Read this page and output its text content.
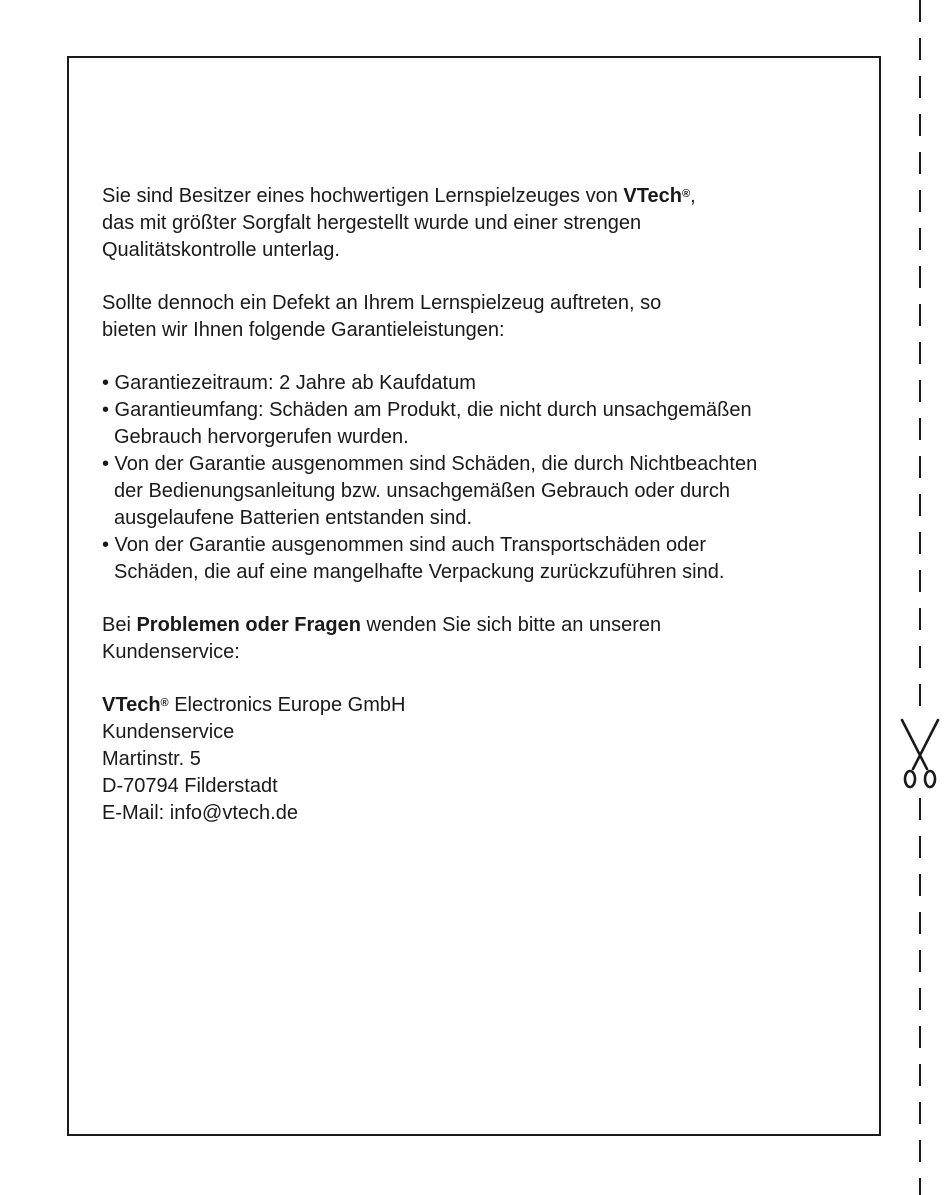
Sie sind Besitzer eines hochwertigen Lernspielzeuges von VTech®,
das mit größter Sorgfalt hergestellt wurde und einer strengen
Qualitätskontrolle unterlag.

Sollte dennoch ein Defekt an Ihrem Lernspielzeug auftreten, so
bieten wir Ihnen folgende Garantieleistungen:

• Garantiezeitraum: 2 Jahre ab Kaufdatum
• Garantieumfang: Schäden am Produkt, die nicht durch unsachgemäßen
Gebrauch hervorgerufen wurden.
• Von der Garantie ausgenommen sind Schäden, die durch Nichtbeachten
der Bedienungsanleitung bzw. unsachgemäßen Gebrauch oder durch
ausgelaufene Batterien entstanden sind.
• Von der Garantie ausgenommen sind auch Transportschäden oder
Schäden, die auf eine mangelhafte Verpackung zurückzuführen sind.

Bei Problemen oder Fragen wenden Sie sich bitte an unseren
Kundenservice:

VTech® Electronics Europe GmbH
Kundenservice
Martinstr. 5
D-70794 Filderstadt
E-Mail: info@vtech.de
